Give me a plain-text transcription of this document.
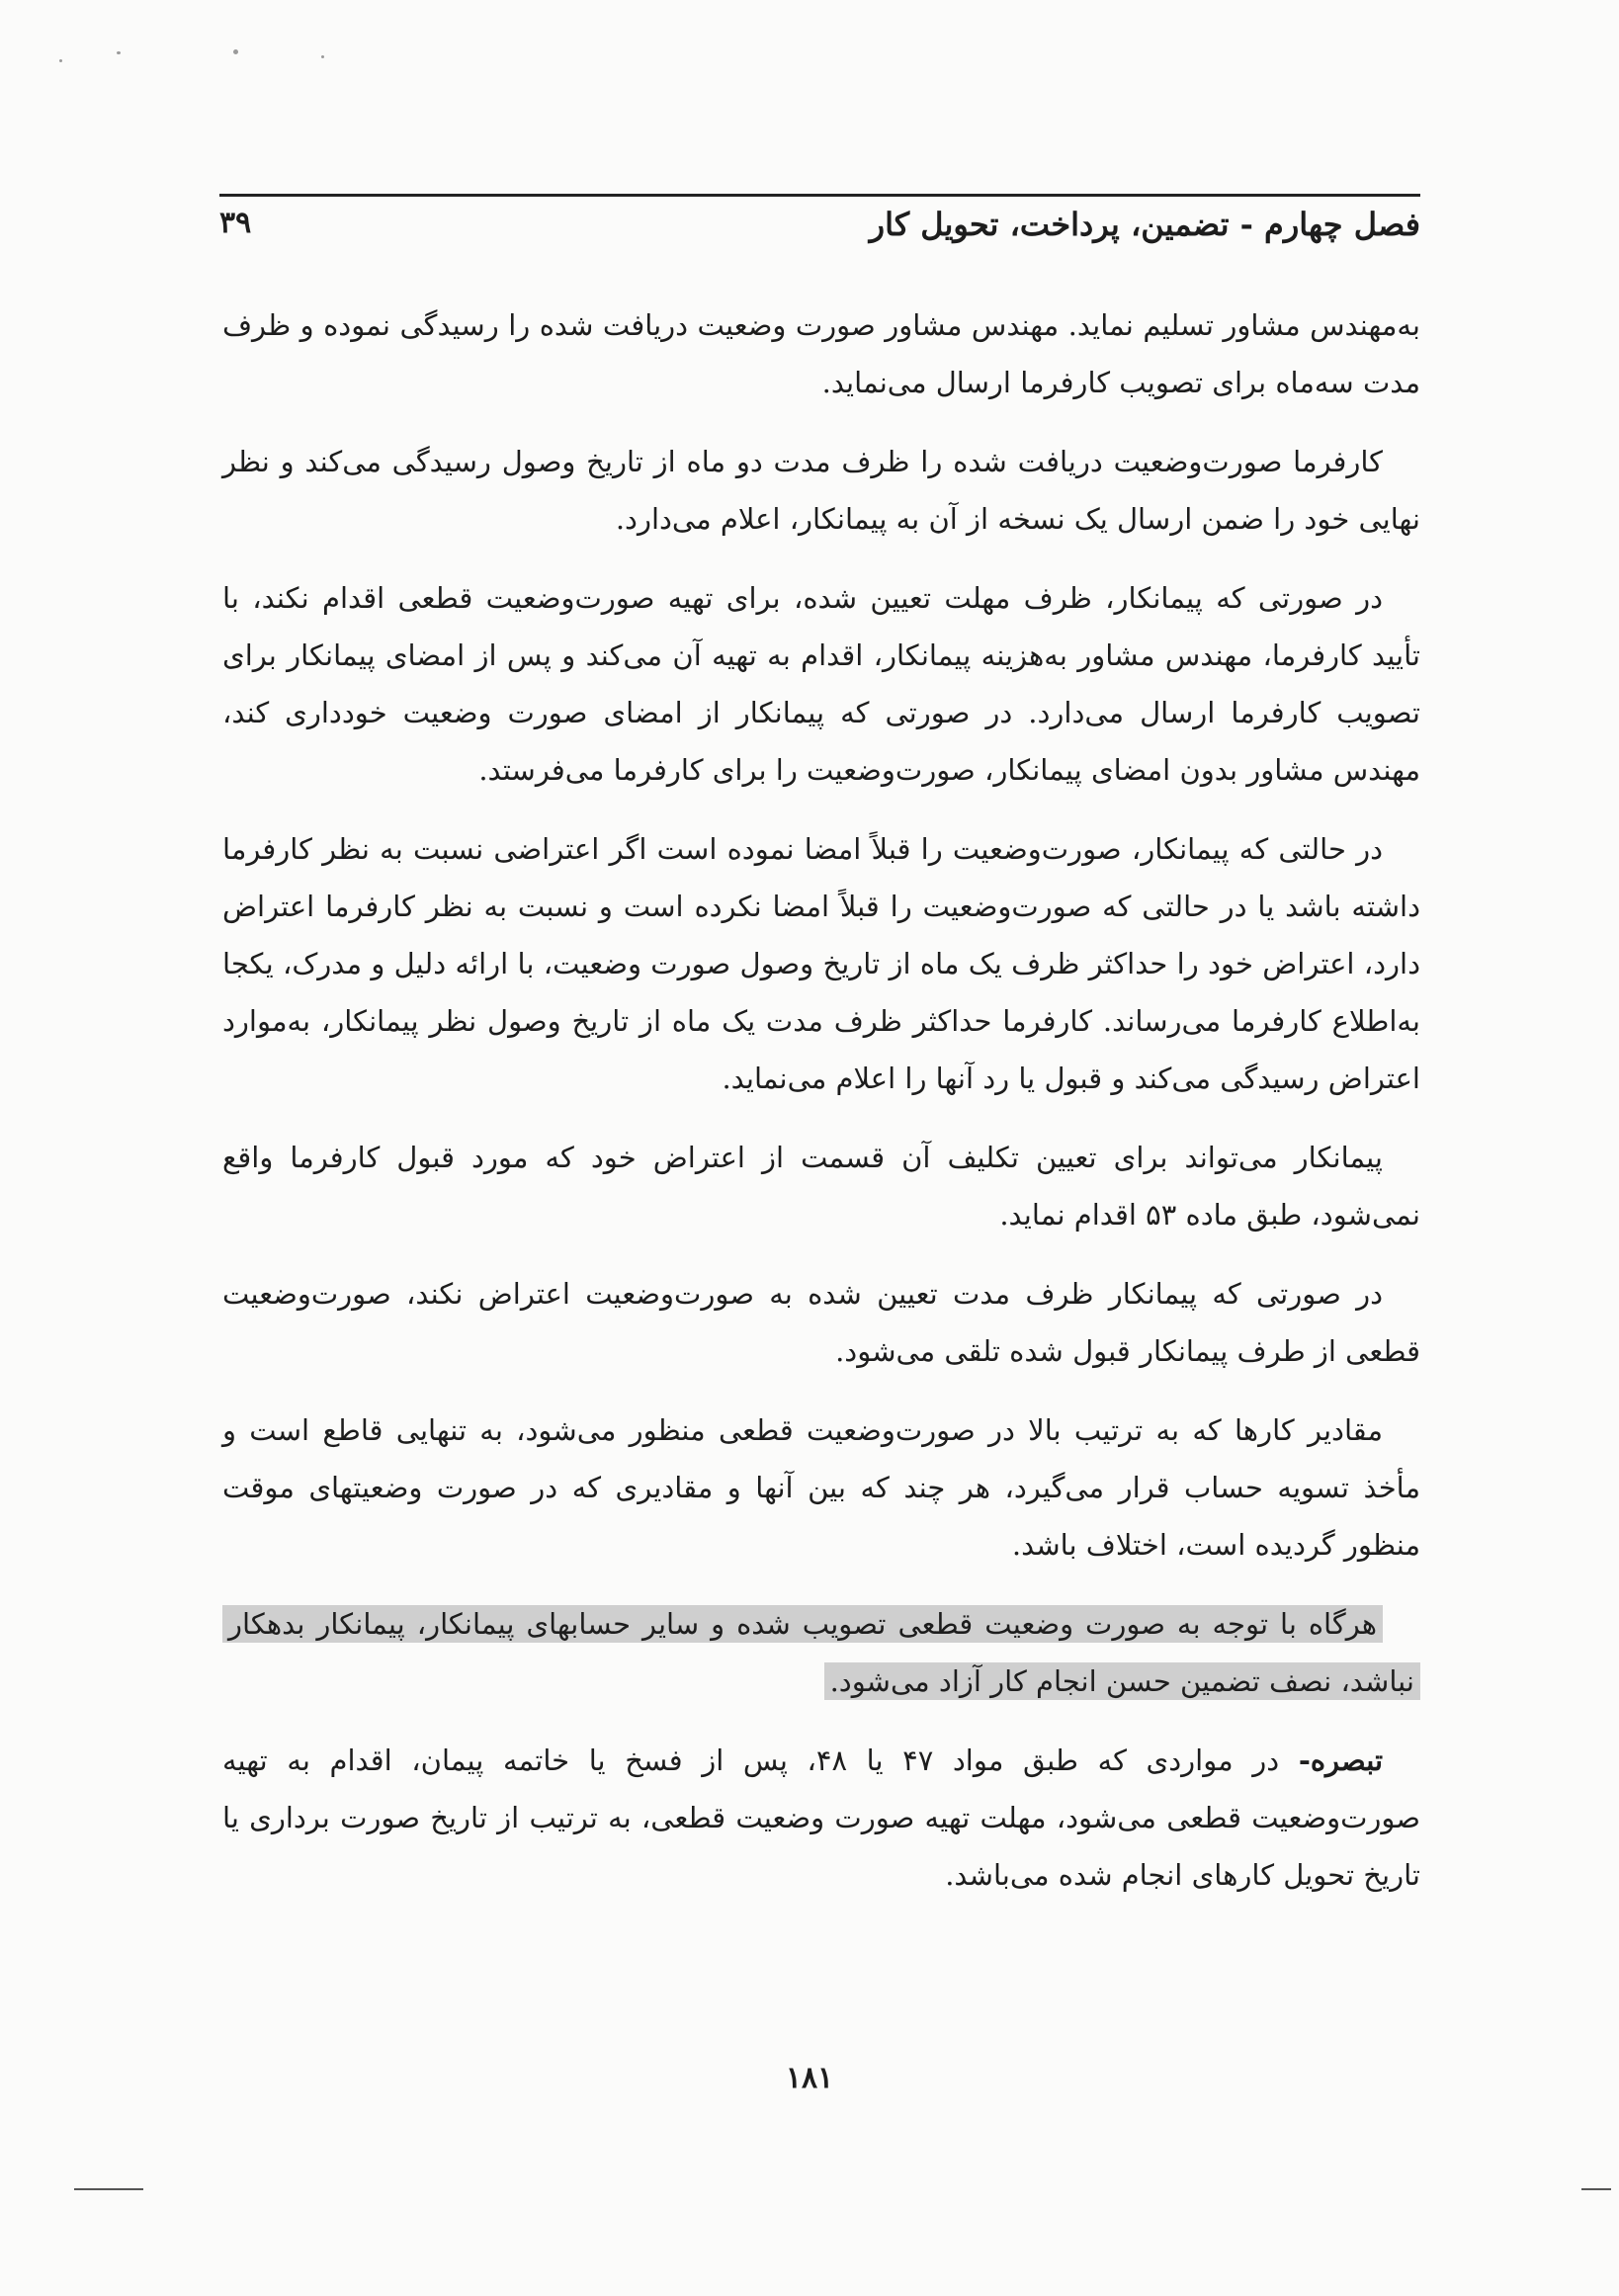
فصل چهارم - تضمین، پرداخت، تحویل کار
۳۹

به‌مهندس مشاور تسلیم نماید. مهندس مشاور صورت وضعیت دریافت شده را رسیدگی نموده و ظرف مدت سه‌ماه برای تصویب کارفرما ارسال می‌نماید.

کارفرما صورت‌وضعیت دریافت شده را ظرف مدت دو ماه از تاریخ وصول رسیدگی می‌کند و نظر نهایی خود را ضمن ارسال یک نسخه از آن به پیمانکار، اعلام می‌دارد.

در صورتی که پیمانکار، ظرف مهلت تعیین شده، برای تهیه صورت‌وضعیت قطعی اقدام نکند، با تأیید کارفرما، مهندس مشاور به‌هزینه پیمانکار، اقدام به تهیه آن می‌کند و پس از امضای پیمانکار برای تصویب کارفرما ارسال می‌دارد. در صورتی که پیمانکار از امضای صورت وضعیت خودداری کند، مهندس مشاور بدون امضای پیمانکار، صورت‌وضعیت را برای کارفرما می‌فرستد.

در حالتی که پیمانکار، صورت‌وضعیت را قبلاً امضا نموده است اگر اعتراضی نسبت به نظر کارفرما داشته باشد یا در حالتی که صورت‌وضعیت را قبلاً امضا نکرده است و نسبت به نظر کارفرما اعتراض دارد، اعتراض خود را حداکثر ظرف یک ماه از تاریخ وصول صورت وضعیت، با ارائه دلیل و مدرک، یکجا به‌اطلاع کارفرما می‌رساند. کارفرما حداکثر ظرف مدت یک ماه از تاریخ وصول نظر پیمانکار، به‌موارد اعتراض رسیدگی می‌کند و قبول یا رد آنها را اعلام می‌نماید.

پیمانکار می‌تواند برای تعیین تکلیف آن قسمت از اعتراض خود که مورد قبول کارفرما واقع نمی‌شود، طبق ماده ۵۳ اقدام نماید.

در صورتی که پیمانکار ظرف مدت تعیین شده به صورت‌وضعیت اعتراض نکند، صورت‌وضعیت قطعی از طرف پیمانکار قبول شده تلقی می‌شود.

مقادیر کارها که به ترتیب بالا در صورت‌وضعیت قطعی منظور می‌شود، به تنهایی قاطع است و مأخذ تسویه حساب قرار می‌گیرد، هر چند که بین آنها و مقادیری که در صورت وضعیتهای موقت منظور گردیده است، اختلاف باشد.

هرگاه با توجه به صورت وضعیت قطعی تصویب شده و سایر حسابهای پیمانکار، پیمانکار بدهکار نباشد، نصف تضمین حسن انجام کار آزاد می‌شود.

تبصره- در مواردی که طبق مواد ۴۷ یا ۴۸، پس از فسخ یا خاتمه پیمان، اقدام به تهیه صورت‌وضعیت قطعی می‌شود، مهلت تهیه صورت وضعیت قطعی، به ترتیب از تاریخ صورت برداری یا تاریخ تحویل کارهای انجام شده می‌باشد.

۱۸۱
